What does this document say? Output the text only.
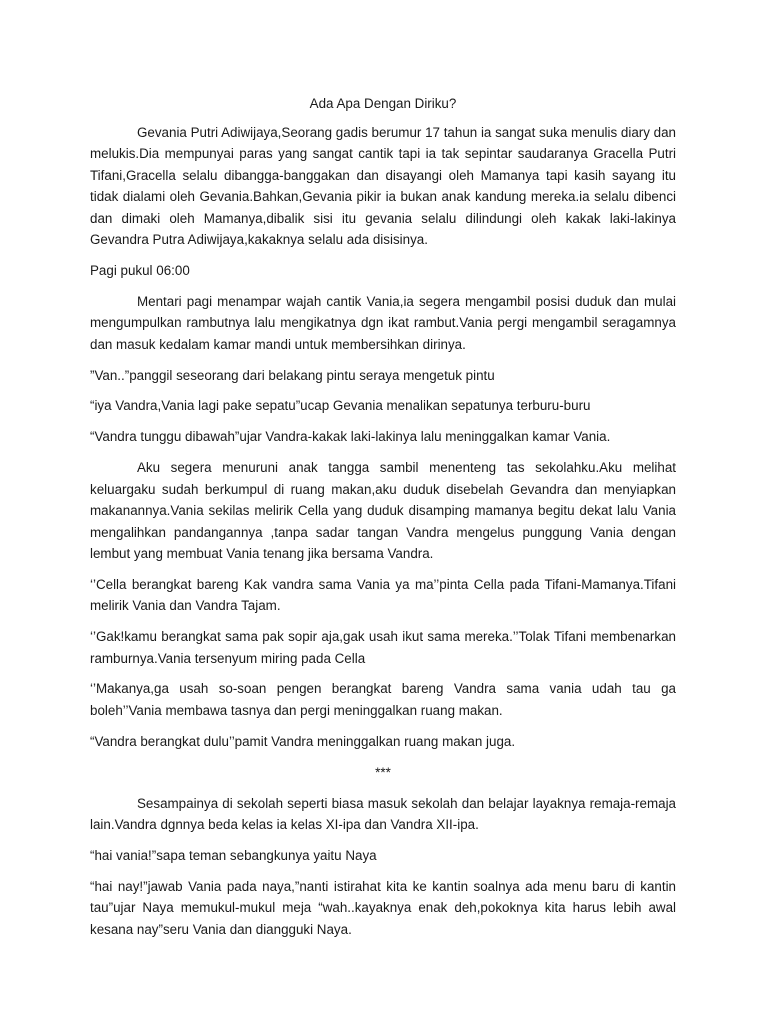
Ada Apa Dengan Diriku?

Gevania Putri Adiwijaya,Seorang gadis berumur 17 tahun ia sangat suka menulis diary dan melukis.Dia mempunyai paras yang sangat cantik tapi ia tak sepintar saudaranya Gracella Putri Tifani,Gracella selalu dibangga-banggakan dan disayangi oleh Mamanya tapi kasih sayang itu tidak dialami oleh Gevania.Bahkan,Gevania pikir ia bukan anak kandung mereka.ia selalu dibenci dan dimaki oleh Mamanya,dibalik sisi itu gevania selalu dilindungi oleh kakak laki-lakinya Gevandra Putra Adiwijaya,kakaknya selalu ada disisinya.

Pagi pukul 06:00

Mentari pagi menampar wajah cantik Vania,ia segera mengambil posisi duduk dan mulai mengumpulkan rambutnya lalu mengikatnya dgn ikat rambut.Vania pergi mengambil seragamnya dan masuk kedalam kamar mandi untuk membersihkan dirinya.

”Van..”panggil seseorang dari belakang pintu seraya mengetuk pintu

“iya Vandra,Vania lagi pake sepatu”ucap Gevania menalikan sepatunya terburu-buru

“Vandra tunggu dibawah”ujar Vandra-kakak laki-lakinya lalu meninggalkan kamar Vania.

Aku segera menuruni anak tangga sambil menenteng tas sekolahku.Aku melihat keluargaku sudah berkumpul di ruang makan,aku duduk disebelah Gevandra dan menyiapkan makanannya.Vania sekilas melirik Cella yang duduk disamping mamanya begitu dekat lalu Vania mengalihkan pandangannya ,tanpa sadar tangan Vandra mengelus punggung Vania dengan lembut yang membuat Vania tenang jika bersama Vandra.

‘’Cella berangkat bareng Kak vandra sama Vania ya ma’’pinta Cella pada Tifani-Mamanya.Tifani melirik Vania dan Vandra Tajam.

‘’Gak!kamu berangkat sama pak sopir aja,gak usah ikut sama mereka.’’Tolak Tifani membenarkan ramburnya.Vania tersenyum miring pada Cella

‘’Makanya,ga usah so-soan pengen berangkat bareng Vandra sama vania udah tau ga boleh’’Vania membawa tasnya dan pergi meninggalkan ruang makan.

“Vandra berangkat dulu’’pamit Vandra meninggalkan ruang makan juga.

***

Sesampainya di sekolah seperti biasa masuk sekolah dan belajar layaknya remaja-remaja lain.Vandra dgnnya beda kelas ia kelas XI-ipa dan Vandra XII-ipa.

“hai vania!”sapa teman sebangkunya yaitu Naya

“hai nay!”jawab Vania pada naya,”nanti istirahat kita ke kantin soalnya ada menu baru di kantin tau”ujar Naya memukul-mukul meja “wah..kayaknya enak deh,pokoknya kita harus lebih awal kesana nay”seru Vania dan diangguki Naya.
